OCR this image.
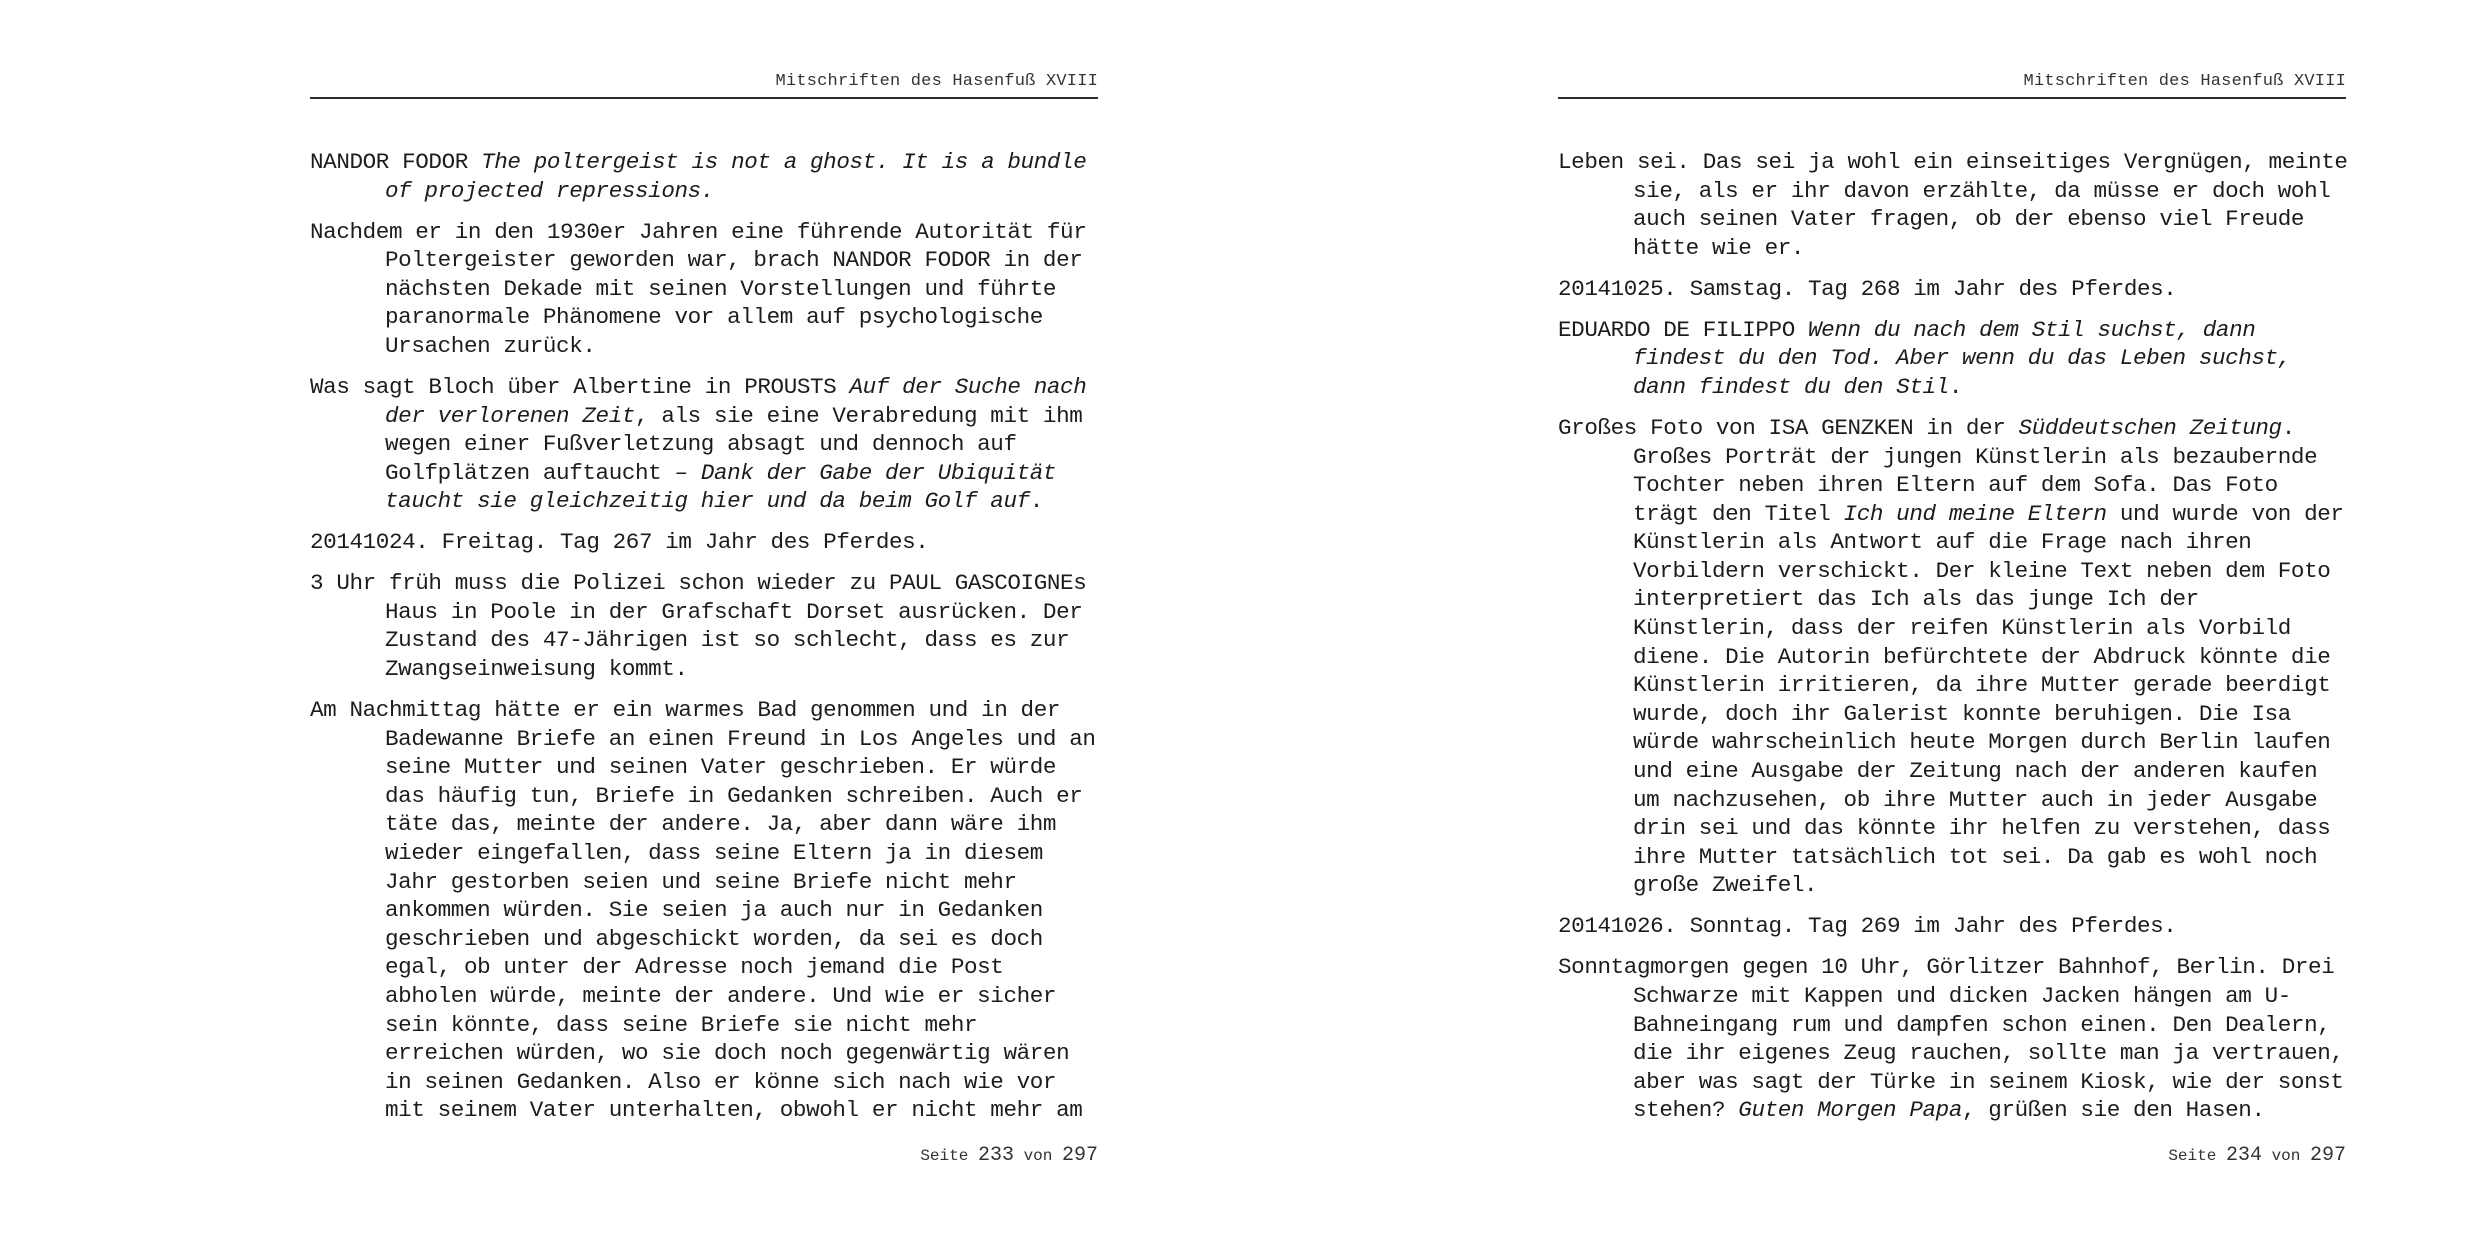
Mitschriften des Hasenfuß XVIII

NANDOR FODOR The poltergeist is not a ghost. It is a bundle of projected repressions.

Nachdem er in den 1930er Jahren eine führende Autorität für Poltergeister geworden war, brach NANDOR FODOR in der nächsten Dekade mit seinen Vorstellungen und führte paranormale Phänomene vor allem auf psychologische Ursachen zurück.

Was sagt Bloch über Albertine in PROUSTS Auf der Suche nach der verlorenen Zeit, als sie eine Verabredung mit ihm wegen einer Fußverletzung absagt und dennoch auf Golfplätzen auftaucht – Dank der Gabe der Ubiquität taucht sie gleichzeitig hier und da beim Golf auf.

20141024. Freitag. Tag 267 im Jahr des Pferdes.

3 Uhr früh muss die Polizei schon wieder zu PAUL GASCOIGNEs Haus in Poole in der Grafschaft Dorset ausrücken. Der Zustand des 47-Jährigen ist so schlecht, dass es zur Zwangseinweisung kommt.

Am Nachmittag hätte er ein warmes Bad genommen und in der Badewanne Briefe an einen Freund in Los Angeles und an seine Mutter und seinen Vater geschrieben. Er würde das häufig tun, Briefe in Gedanken schreiben. Auch er täte das, meinte der andere. Ja, aber dann wäre ihm wieder eingefallen, dass seine Eltern ja in diesem Jahr gestorben seien und seine Briefe nicht mehr ankommen würden. Sie seien ja auch nur in Gedanken geschrieben und abgeschickt worden, da sei es doch egal, ob unter der Adresse noch jemand die Post abholen würde, meinte der andere. Und wie er sicher sein könnte, dass seine Briefe sie nicht mehr erreichen würden, wo sie doch noch gegenwärtig wären in seinen Gedanken. Also er könne sich nach wie vor mit seinem Vater unterhalten, obwohl er nicht mehr am

Seite 233 von 297
Mitschriften des Hasenfuß XVIII

Leben sei. Das sei ja wohl ein einseitiges Vergnügen, meinte sie, als er ihr davon erzählte, da müsse er doch wohl auch seinen Vater fragen, ob der ebenso viel Freude hätte wie er.

20141025. Samstag. Tag 268 im Jahr des Pferdes.

EDUARDO DE FILIPPO Wenn du nach dem Stil suchst, dann findest du den Tod. Aber wenn du das Leben suchst, dann findest du den Stil.

Großes Foto von ISA GENZKEN in der Süddeutschen Zeitung. Großes Porträt der jungen Künstlerin als bezaubernde Tochter neben ihren Eltern auf dem Sofa. Das Foto trägt den Titel Ich und meine Eltern und wurde von der Künstlerin als Antwort auf die Frage nach ihren Vorbildern verschickt. Der kleine Text neben dem Foto interpretiert das Ich als das junge Ich der Künstlerin, dass der reifen Künstlerin als Vorbild diene. Die Autorin befürchtete der Abdruck könnte die Künstlerin irritieren, da ihre Mutter gerade beerdigt wurde, doch ihr Galerist konnte beruhigen. Die Isa würde wahrscheinlich heute Morgen durch Berlin laufen und eine Ausgabe der Zeitung nach der anderen kaufen um nachzusehen, ob ihre Mutter auch in jeder Ausgabe drin sei und das könnte ihr helfen zu verstehen, dass ihre Mutter tatsächlich tot sei. Da gab es wohl noch große Zweifel.

20141026. Sonntag. Tag 269 im Jahr des Pferdes.

Sonntagmorgen gegen 10 Uhr, Görlitzer Bahnhof, Berlin. Drei Schwarze mit Kappen und dicken Jacken hängen am U-Bahneingang rum und dampfen schon einen. Den Dealern, die ihr eigenes Zeug rauchen, sollte man ja vertrauen, aber was sagt der Türke in seinem Kiosk, wie der sonst stehen? Guten Morgen Papa, grüßen sie den Hasen.

Seite 234 von 297
